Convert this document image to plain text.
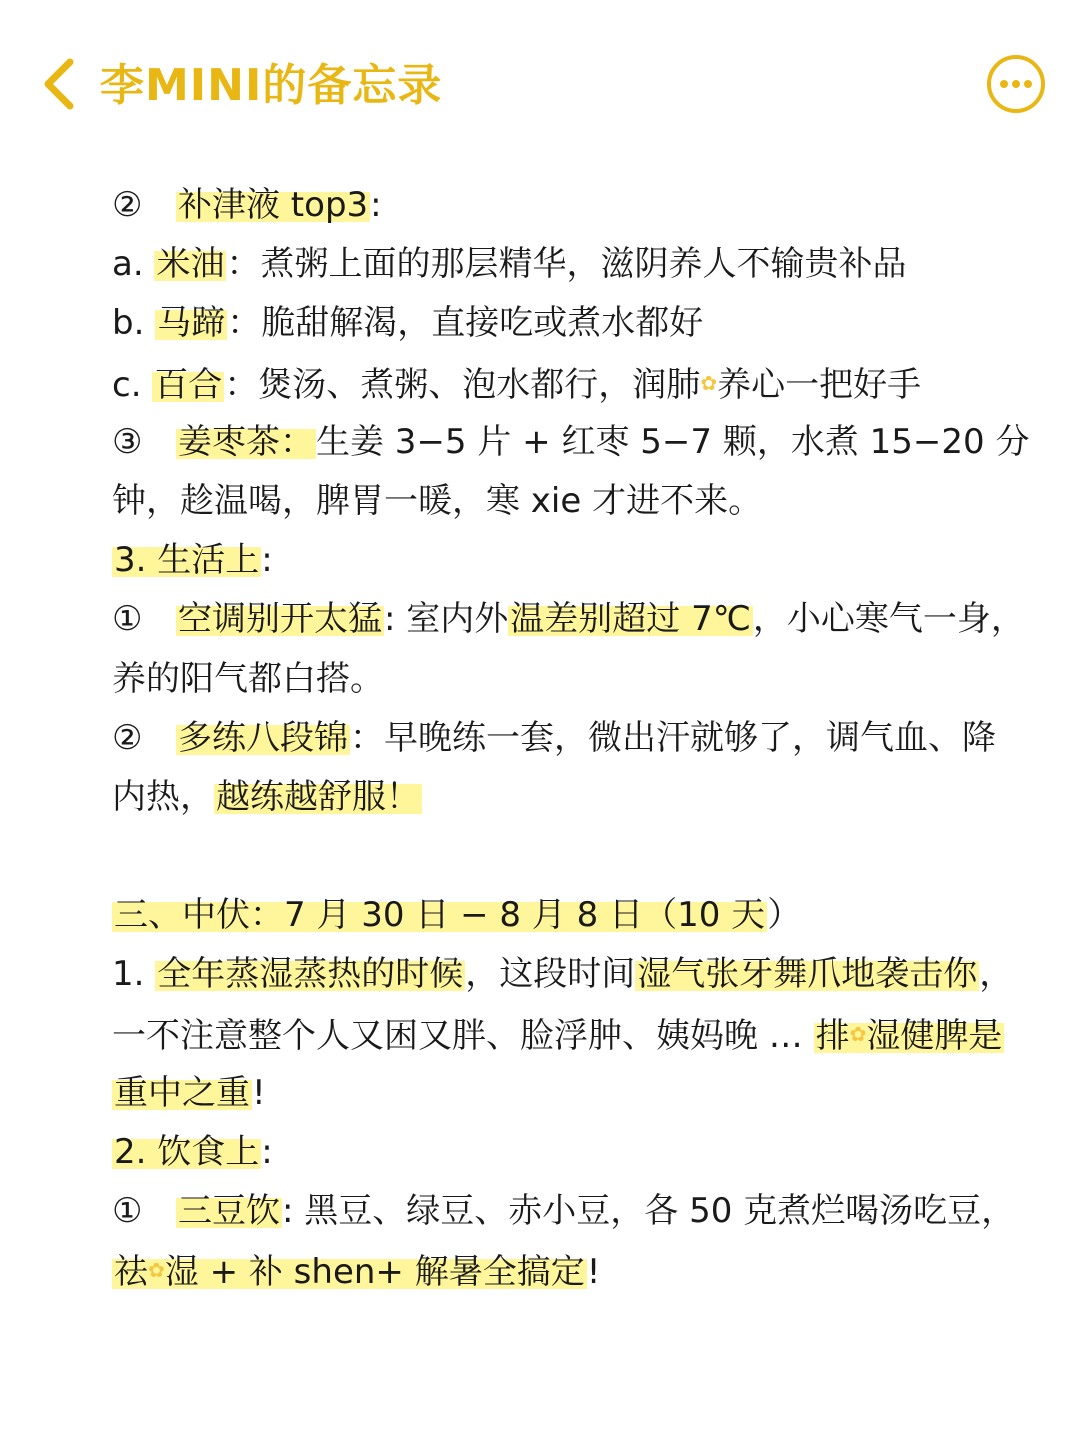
李MINI的备忘录
② 补津液 top3:
a. 米油：煮粥上面的那层精华，滋阴养人不输贵补品
b. 马蹄：脆甜解渴，直接吃或煮水都好
c. 百合：煲汤、煮粥、泡水都行，润肺✿养心一把好手
③ 姜枣茶：生姜 3−5 片 + 红枣 5−7 颗，水煮 15−20 分
钟，趁温喝，脾胃一暖，寒 xie 才进不来。
3. 生活上:
① 空调别开太猛: 室内外温差别超过 7℃，小心寒气一身，
养的阳气都白搭。
② 多练八段锦：早晚练一套，微出汗就够了，调气血、降
内热，越练越舒服！
三、中伏：7 月 30 日 − 8 月 8 日（10 天）
1. 全年蒸湿蒸热的时候，这段时间湿气张牙舞爪地袭击你，
一不注意整个人又困又胖、脸浮肿、姨妈晚 … 排✿湿健脾是
重中之重!
2. 饮食上:
① 三豆饮: 黑豆、绿豆、赤小豆，各 50 克煮烂喝汤吃豆，
祛✿湿 + 补 shen+ 解暑全搞定!
